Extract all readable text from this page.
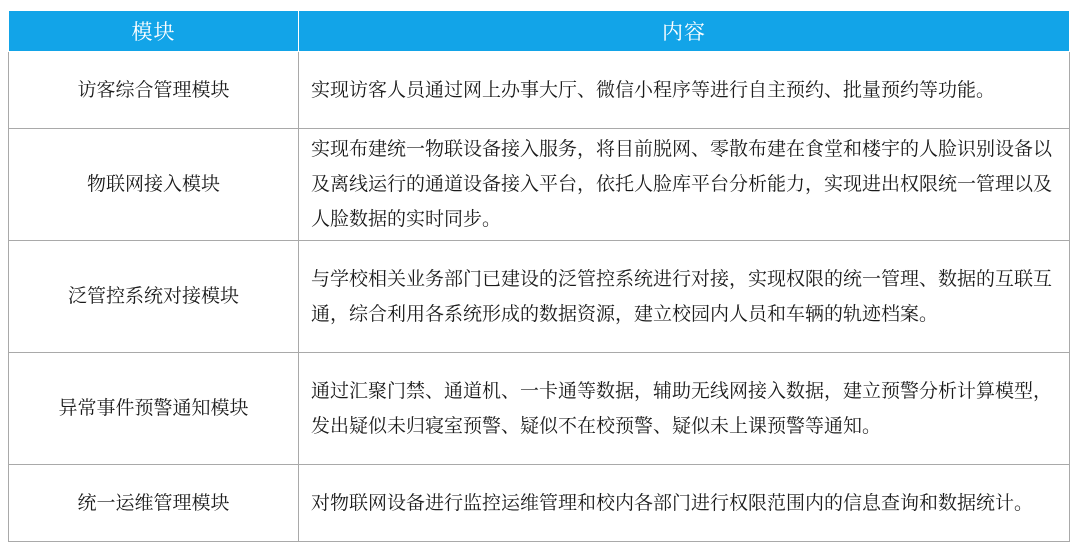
模块	内容
访客综合管理模块	实现访客人员通过网上办事大厅、微信小程序等进行自主预约、批量预约等功能。
物联网接入模块	实现布建统一物联设备接入服务，将目前脱网、零散布建在食堂和楼宇的人脸识别设备以及离线运行的通道设备接入平台，依托人脸库平台分析能力，实现进出权限统一管理以及人脸数据的实时同步。
泛管控系统对接模块	与学校相关业务部门已建设的泛管控系统进行对接，实现权限的统一管理、数据的互联互通，综合利用各系统形成的数据资源，建立校园内人员和车辆的轨迹档案。
异常事件预警通知模块	通过汇聚门禁、通道机、一卡通等数据，辅助无线网接入数据，建立预警分析计算模型，发出疑似未归寝室预警、疑似不在校预警、疑似未上课预警等通知。
统一运维管理模块	对物联网设备进行监控运维管理和校内各部门进行权限范围内的信息查询和数据统计。
